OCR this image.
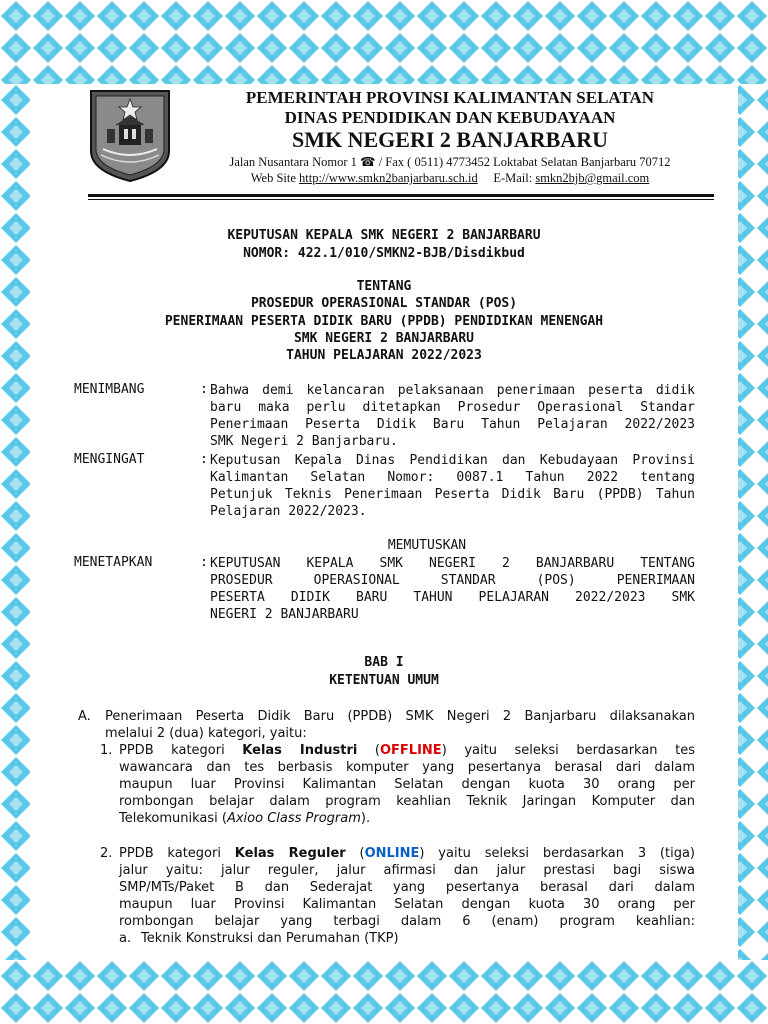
PEMERINTAH PROVINSI KALIMANTAN SELATAN
DINAS PENDIDIKAN DAN KEBUDAYAAN
SMK NEGERI 2 BANJARBARU
Jalan Nusantara Nomor 1 ☎ / Fax ( 0511) 4773452 Loktabat Selatan Banjarbaru 70712
Web Site http://www.smkn2banjarbaru.sch.id E-Mail: smkn2bjb@gmail.com
KEPUTUSAN KEPALA SMK NEGERI 2 BANJARBARU
NOMOR: 422.1/010/SMKN2-BJB/Disdikbud
TENTANG
PROSEDUR OPERASIONAL STANDAR (POS)
PENERIMAAN PESERTA DIDIK BARU (PPDB) PENDIDIKAN MENENGAH
SMK NEGERI 2 BANJARBARU
TAHUN PELAJARAN 2022/2023
MENIMBANG	: Bahwa demi kelancaran pelaksanaan penerimaan peserta didik
baru maka perlu ditetapkan Prosedur Operasional Standar
Penerimaan Peserta Didik Baru Tahun Pelajaran 2022/2023
SMK Negeri 2 Banjarbaru.
MENGINGAT	: Keputusan Kepala Dinas Pendidikan dan Kebudayaan Provinsi
Kalimantan Selatan Nomor: 0087.1 Tahun 2022 tentang
Petunjuk Teknis Penerimaan Peserta Didik Baru (PPDB) Tahun
Pelajaran 2022/2023.
MEMUTUSKAN
MENETAPKAN	: KEPUTUSAN KEPALA SMK NEGERI 2 BANJARBARU TENTANG
PROSEDUR OPERASIONAL STANDAR (POS) PENERIMAAN
PESERTA DIDIK BARU TAHUN PELAJARAN 2022/2023 SMK
NEGERI 2 BANJARBARU
BAB I
KETENTUAN UMUM
A. Penerimaan Peserta Didik Baru (PPDB) SMK Negeri 2 Banjarbaru dilaksanakan
melalui 2 (dua) kategori, yaitu:
1. PPDB kategori Kelas Industri (OFFLINE) yaitu seleksi berdasarkan tes
wawancara dan tes berbasis komputer yang pesertanya berasal dari dalam
maupun luar Provinsi Kalimantan Selatan dengan kuota 30 orang per
rombongan belajar dalam program keahlian Teknik Jaringan Komputer dan
Telekomunikasi (Axioo Class Program).
2. PPDB kategori Kelas Reguler (ONLINE) yaitu seleksi berdasarkan 3 (tiga)
jalur yaitu: jalur reguler, jalur afirmasi dan jalur prestasi bagi siswa
SMP/MTs/Paket B dan Sederajat yang pesertanya berasal dari dalam
maupun luar Provinsi Kalimantan Selatan dengan kuota 30 orang per
rombongan belajar yang terbagi dalam 6 (enam) program keahlian:
a. Teknik Konstruksi dan Perumahan (TKP)
